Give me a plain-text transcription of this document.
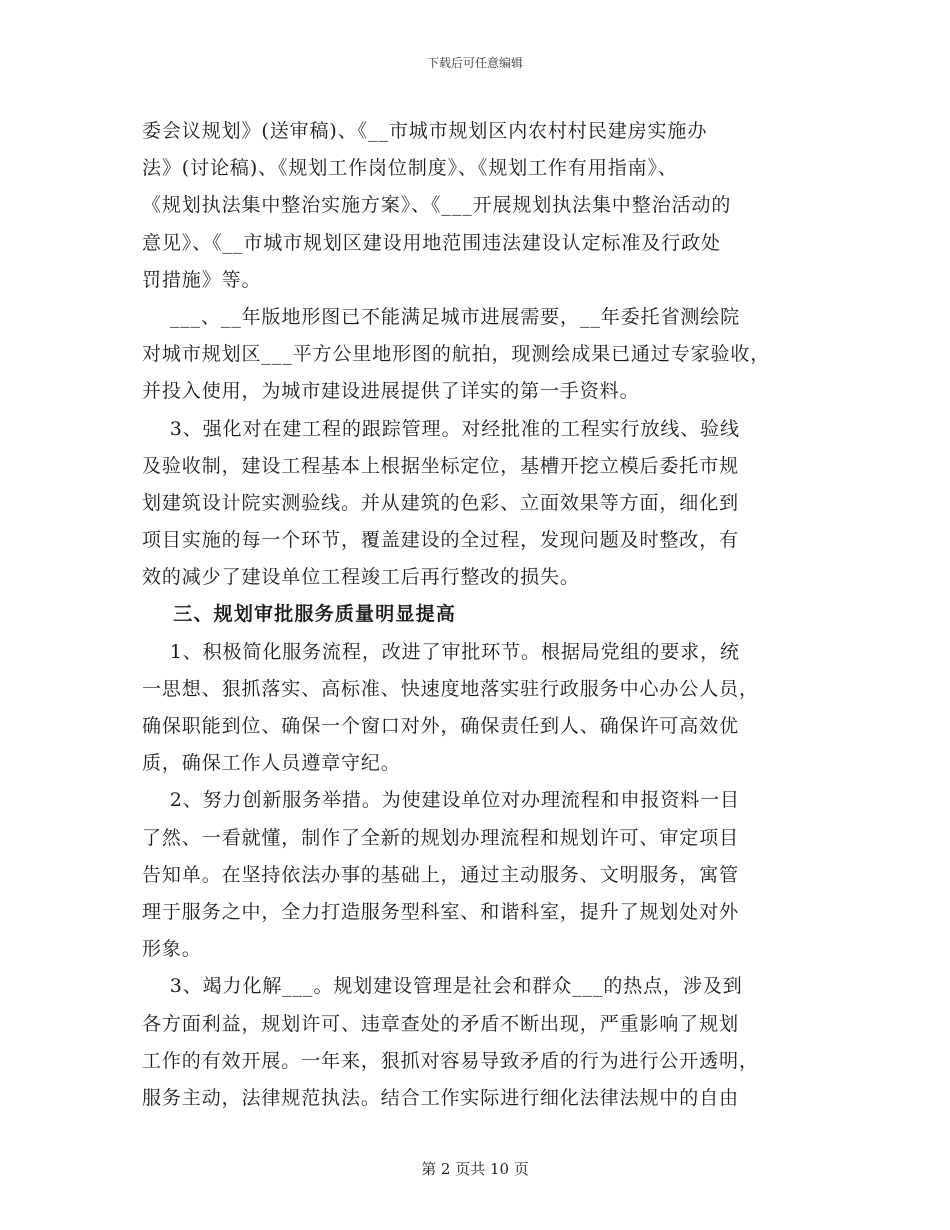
下载后可任意编辑
委会议规划》(送审稿)、《__市城市规划区内农村村民建房实施办
法》(讨论稿)、《规划工作岗位制度》、《规划工作有用指南》、
《规划执法集中整治实施方案》、《___开展规划执法集中整治活动的
意见》、《__市城市规划区建设用地范围违法建设认定标准及行政处
罚措施》等。
___、__年版地形图已不能满足城市进展需要，__年委托省测绘院
对城市规划区___平方公里地形图的航拍，现测绘成果已通过专家验收，
并投入使用，为城市建设进展提供了详实的第一手资料。
3、强化对在建工程的跟踪管理。对经批准的工程实行放线、验线
及验收制，建设工程基本上根据坐标定位，基槽开挖立模后委托市规
划建筑设计院实测验线。并从建筑的色彩、立面效果等方面，细化到
项目实施的每一个环节，覆盖建设的全过程，发现问题及时整改，有
效的减少了建设单位工程竣工后再行整改的损失。
三、规划审批服务质量明显提高
1、积极简化服务流程，改进了审批环节。根据局党组的要求，统
一思想、狠抓落实、高标准、快速度地落实驻行政服务中心办公人员，
确保职能到位、确保一个窗口对外，确保责任到人、确保许可高效优
质，确保工作人员遵章守纪。
2、努力创新服务举措。为使建设单位对办理流程和申报资料一目
了然、一看就懂，制作了全新的规划办理流程和规划许可、审定项目
告知单。在坚持依法办事的基础上，通过主动服务、文明服务，寓管
理于服务之中，全力打造服务型科室、和谐科室，提升了规划处对外
形象。
3、竭力化解___。规划建设管理是社会和群众___的热点，涉及到
各方面利益，规划许可、违章查处的矛盾不断出现，严重影响了规划
工作的有效开展。一年来，狠抓对容易导致矛盾的行为进行公开透明，
服务主动，法律规范执法。结合工作实际进行细化法律法规中的自由
第 2 页共 10 页
